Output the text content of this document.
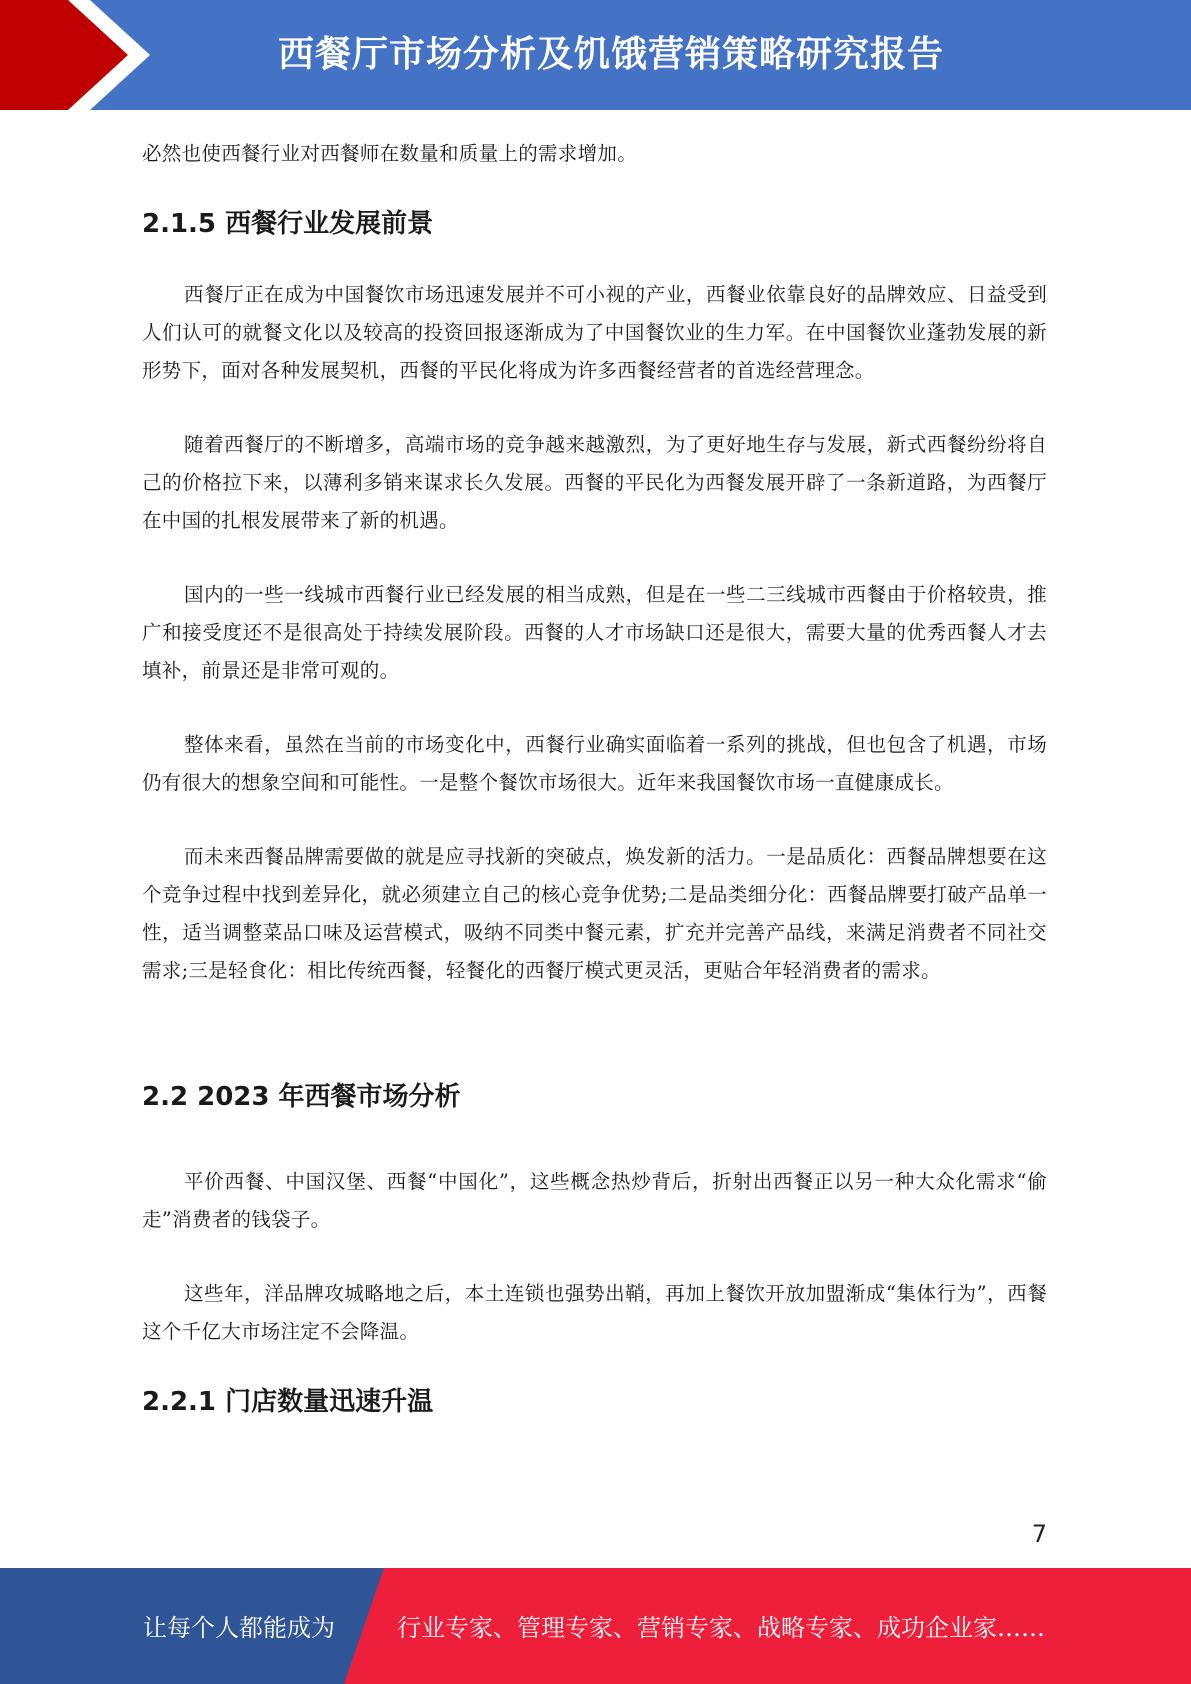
西餐厅市场分析及饥饿营销策略研究报告

必然也使西餐行业对西餐师在数量和质量上的需求增加。

2.1.5 西餐行业发展前景

西餐厅正在成为中国餐饮市场迅速发展并不可小视的产业，西餐业依靠良好的品牌效应、日益受到人们认可的就餐文化以及较高的投资回报逐渐成为了中国餐饮业的生力军。在中国餐饮业蓬勃发展的新形势下，面对各种发展契机，西餐的平民化将成为许多西餐经营者的首选经营理念。

随着西餐厅的不断增多，高端市场的竞争越来越激烈，为了更好地生存与发展，新式西餐纷纷将自己的价格拉下来，以薄利多销来谋求长久发展。西餐的平民化为西餐发展开辟了一条新道路，为西餐厅在中国的扎根发展带来了新的机遇。

国内的一些一线城市西餐行业已经发展的相当成熟，但是在一些二三线城市西餐由于价格较贵，推广和接受度还不是很高处于持续发展阶段。西餐的人才市场缺口还是很大，需要大量的优秀西餐人才去填补，前景还是非常可观的。

整体来看，虽然在当前的市场变化中，西餐行业确实面临着一系列的挑战，但也包含了机遇，市场仍有很大的想象空间和可能性。一是整个餐饮市场很大。近年来我国餐饮市场一直健康成长。

而未来西餐品牌需要做的就是应寻找新的突破点，焕发新的活力。一是品质化：西餐品牌想要在这个竞争过程中找到差异化，就必须建立自己的核心竞争优势;二是品类细分化：西餐品牌要打破产品单一性，适当调整菜品口味及运营模式，吸纳不同类中餐元素，扩充并完善产品线，来满足消费者不同社交需求;三是轻食化：相比传统西餐，轻餐化的西餐厅模式更灵活，更贴合年轻消费者的需求。

2.2 2023 年西餐市场分析

平价西餐、中国汉堡、西餐“中国化”，这些概念热炒背后，折射出西餐正以另一种大众化需求“偷走”消费者的钱袋子。

这些年，洋品牌攻城略地之后，本土连锁也强势出鞘，再加上餐饮开放加盟渐成“集体行为”，西餐这个千亿大市场注定不会降温。

2.2.1 门店数量迅速升温
7
让每个人都能成为	行业专家、管理专家、营销专家、战略专家、成功企业家……
